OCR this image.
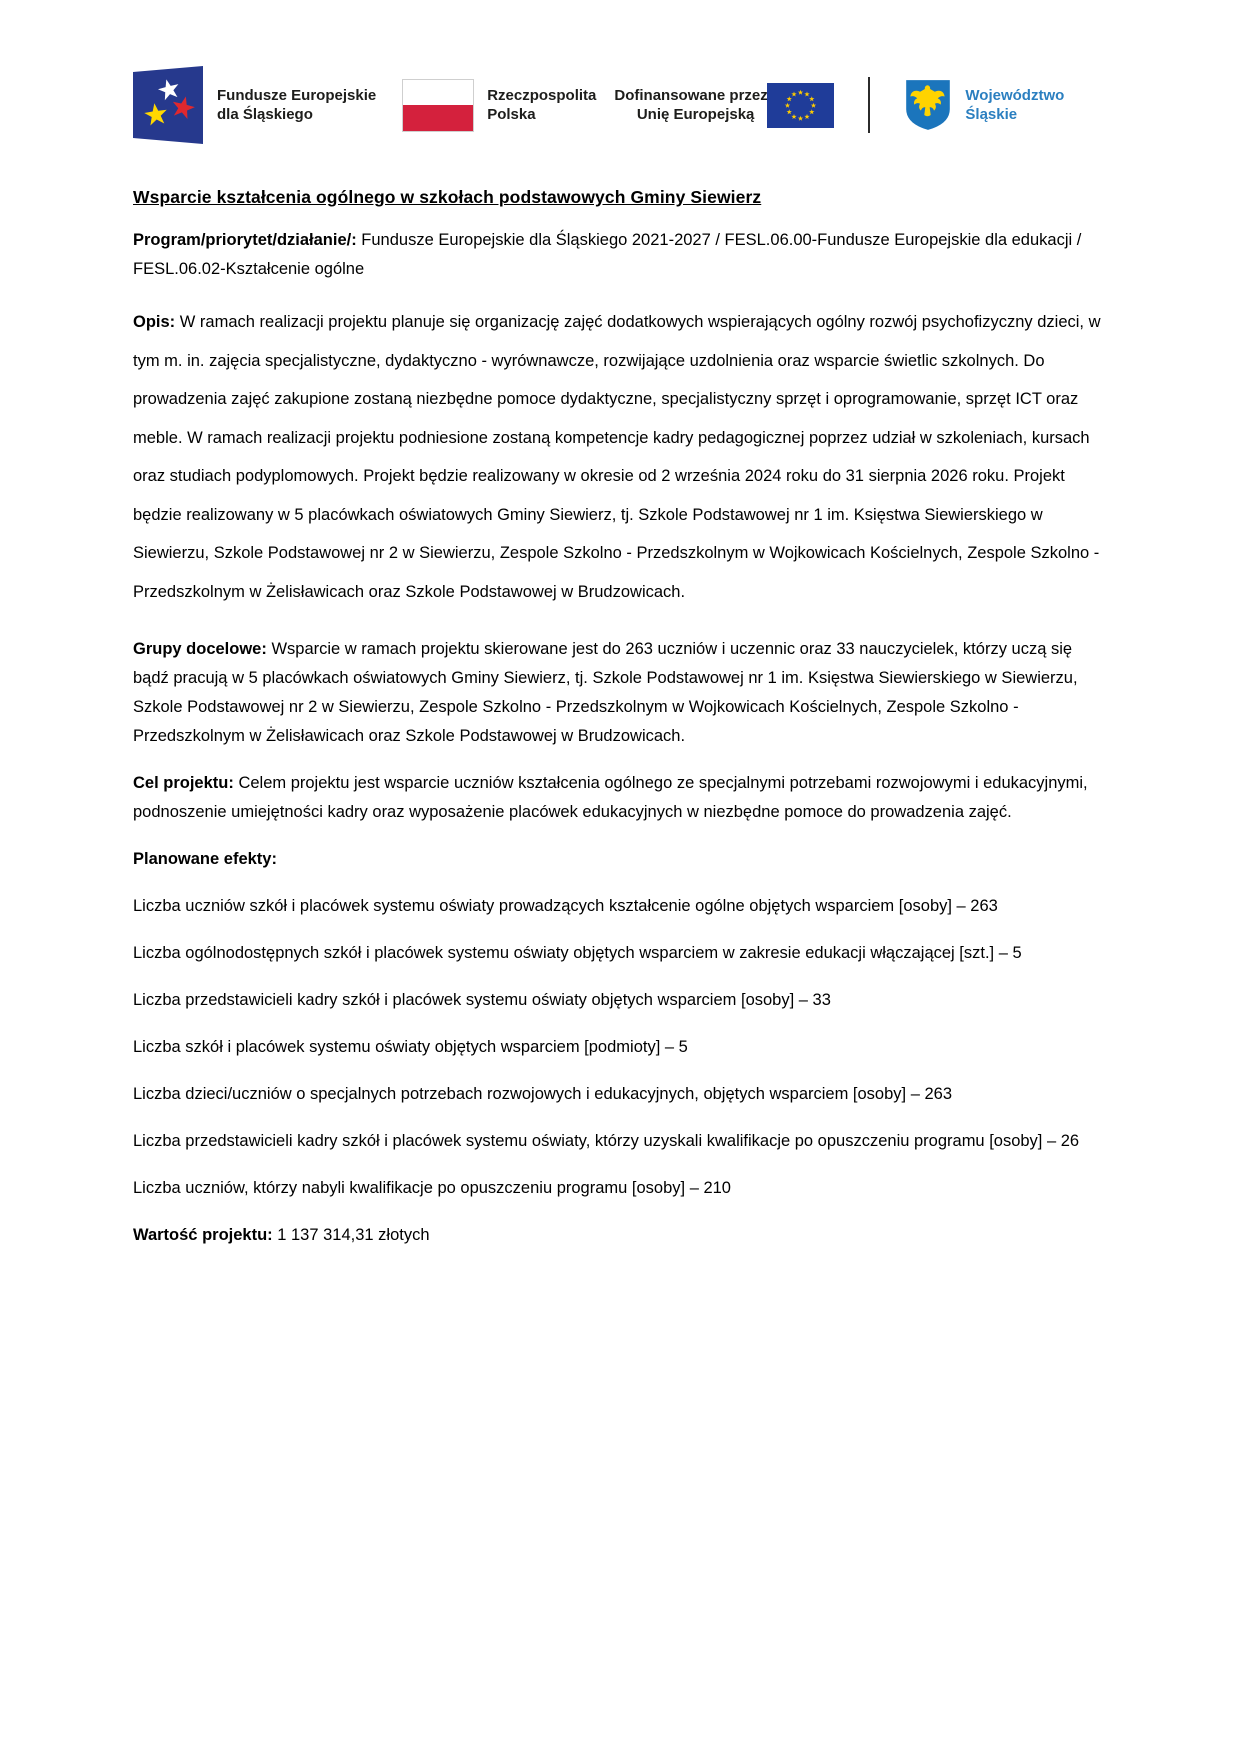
Fundusze Europejskie
dla Śląskiego
Rzeczpospolita
Polska
Dofinansowane przez
Unię Europejską
Województwo
Śląskie
Wsparcie kształcenia ogólnego w szkołach podstawowych Gminy Siewierz

Program/priorytet/działanie/: Fundusze Europejskie dla Śląskiego 2021-2027 / FESL.06.00-Fundusze Europejskie dla edukacji / FESL.06.02-Kształcenie ogólne

Opis: W ramach realizacji projektu planuje się organizację zajęć dodatkowych wspierających ogólny rozwój psychofizyczny dzieci, w tym m. in. zajęcia specjalistyczne, dydaktyczno - wyrównawcze, rozwijające uzdolnienia oraz wsparcie świetlic szkolnych. Do prowadzenia zajęć zakupione zostaną niezbędne pomoce dydaktyczne, specjalistyczny sprzęt i oprogramowanie, sprzęt ICT oraz meble. W ramach realizacji projektu podniesione zostaną kompetencje kadry pedagogicznej poprzez udział w szkoleniach, kursach oraz studiach podyplomowych. Projekt będzie realizowany w okresie od 2 września 2024 roku do 31 sierpnia 2026 roku. Projekt będzie realizowany w 5 placówkach oświatowych Gminy Siewierz, tj. Szkole Podstawowej nr 1 im. Księstwa Siewierskiego w Siewierzu, Szkole Podstawowej nr 2 w Siewierzu, Zespole Szkolno - Przedszkolnym w Wojkowicach Kościelnych, Zespole Szkolno - Przedszkolnym w Żelisławicach oraz Szkole Podstawowej w Brudzowicach.

Grupy docelowe: Wsparcie w ramach projektu skierowane jest do 263 uczniów i uczennic oraz 33 nauczycielek, którzy uczą się bądź pracują w 5 placówkach oświatowych Gminy Siewierz, tj. Szkole Podstawowej nr 1 im. Księstwa Siewierskiego w Siewierzu, Szkole Podstawowej nr 2 w Siewierzu, Zespole Szkolno - Przedszkolnym w Wojkowicach Kościelnych, Zespole Szkolno - Przedszkolnym w Żelisławicach oraz Szkole Podstawowej w Brudzowicach.

Cel projektu: Celem projektu jest wsparcie uczniów kształcenia ogólnego ze specjalnymi potrzebami rozwojowymi i edukacyjnymi, podnoszenie umiejętności kadry oraz wyposażenie placówek edukacyjnych w niezbędne pomoce do prowadzenia zajęć.

Planowane efekty:

Liczba uczniów szkół i placówek systemu oświaty prowadzących kształcenie ogólne objętych wsparciem [osoby] – 263

Liczba ogólnodostępnych szkół i placówek systemu oświaty objętych wsparciem w zakresie edukacji włączającej [szt.] – 5

Liczba przedstawicieli kadry szkół i placówek systemu oświaty objętych wsparciem [osoby] – 33

Liczba szkół i placówek systemu oświaty objętych wsparciem [podmioty] – 5

Liczba dzieci/uczniów o specjalnych potrzebach rozwojowych i edukacyjnych, objętych wsparciem [osoby] – 263

Liczba przedstawicieli kadry szkół i placówek systemu oświaty, którzy uzyskali kwalifikacje po opuszczeniu programu [osoby] – 26

Liczba uczniów, którzy nabyli kwalifikacje po opuszczeniu programu [osoby] – 210

Wartość projektu: 1 137 314,31 złotych
